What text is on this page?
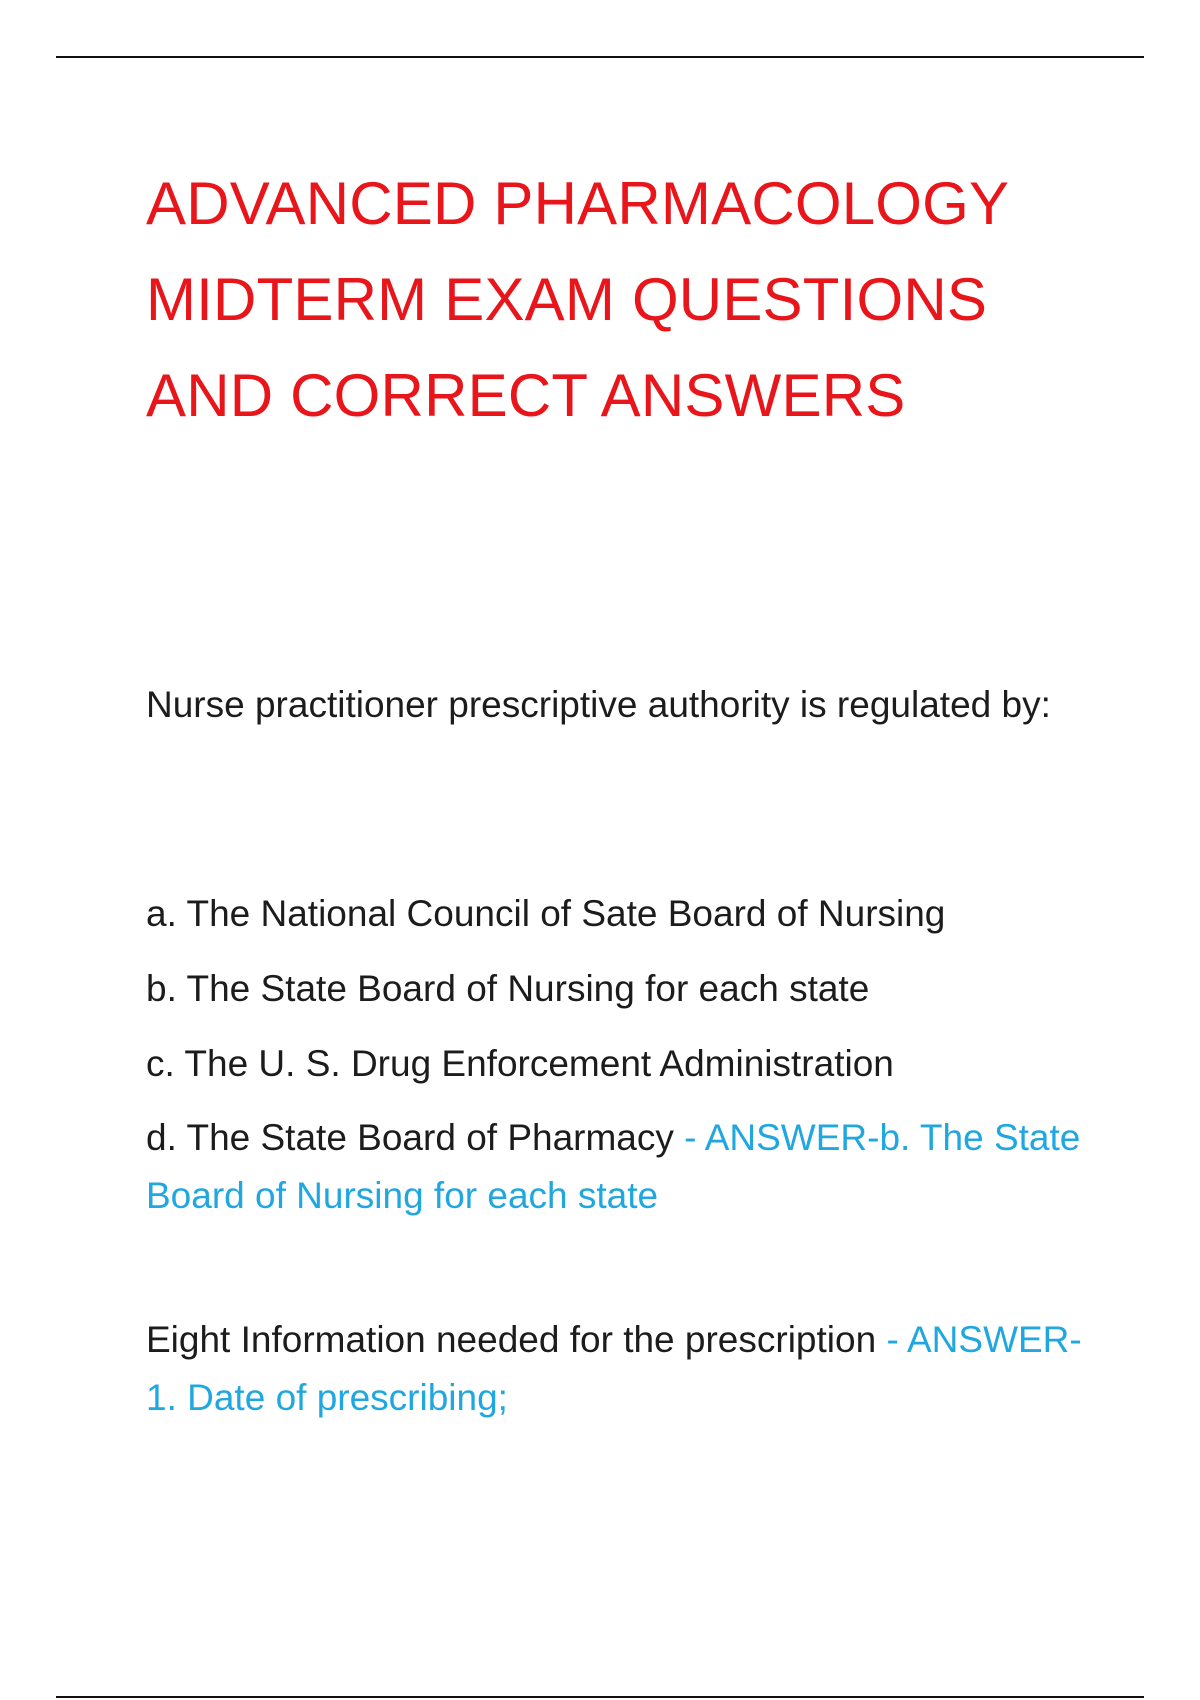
ADVANCED PHARMACOLOGY
MIDTERM EXAM QUESTIONS
AND CORRECT ANSWERS

Nurse practitioner prescriptive authority is regulated by:

a. The National Council of Sate Board of Nursing
b. The State Board of Nursing for each state
c. The U. S. Drug Enforcement Administration
d. The State Board of Pharmacy - ANSWER-b. The State Board of Nursing for each state

Eight Information needed for the prescription - ANSWER-1. Date of prescribing;
